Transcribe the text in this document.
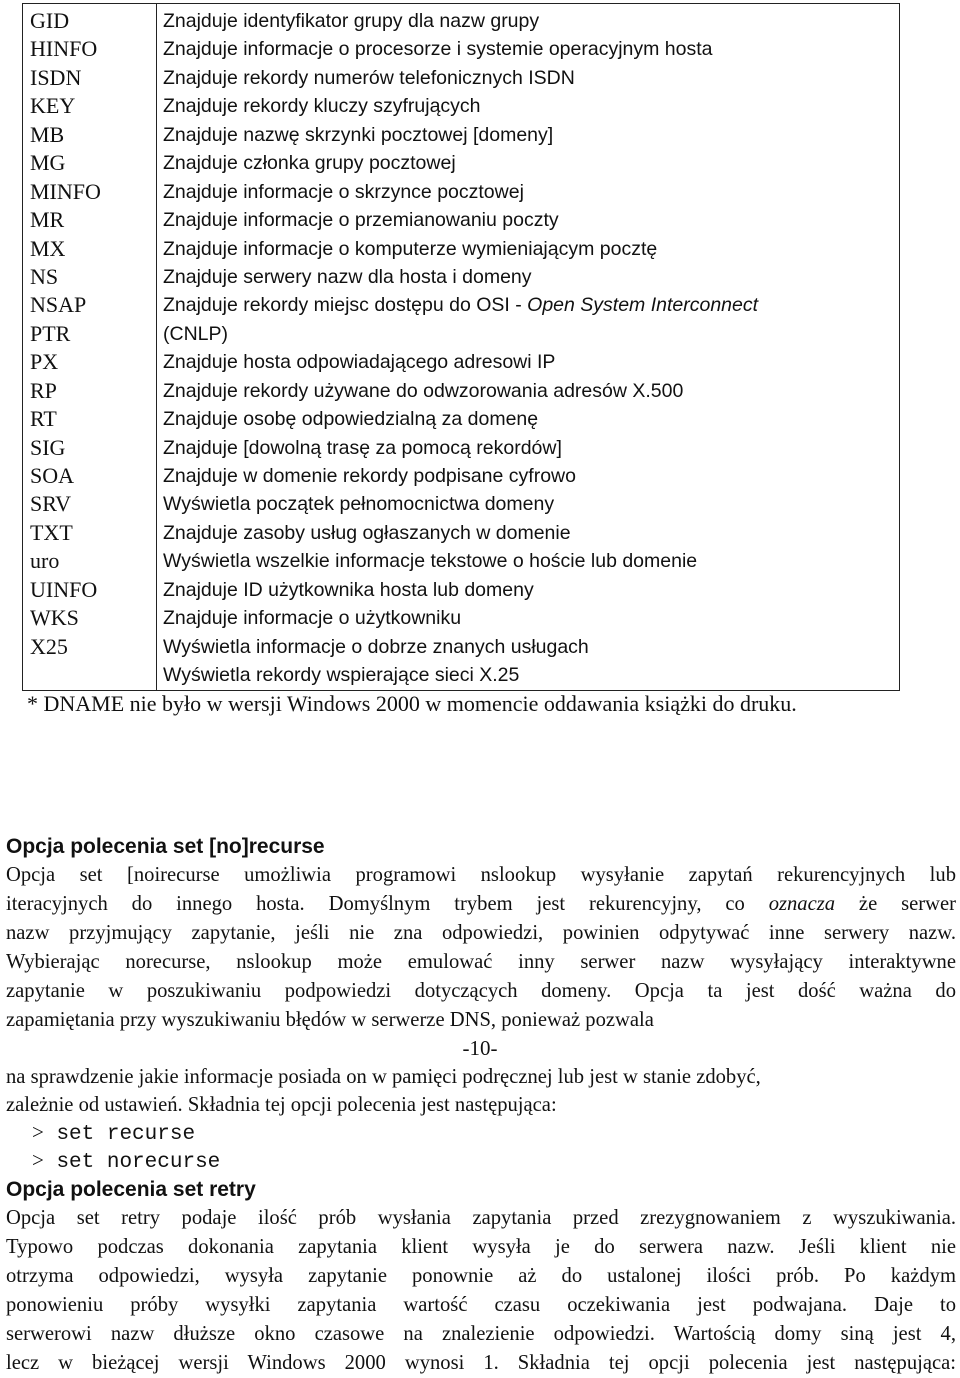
GID
HINFO
ISDN
KEY
MB
MG
MINFO
MR
MX
NS
NSAP
PTR
PX
RP
RT
SIG
SOA
SRV
TXT
uro
UINFO
WKS
X25
Znajduje identyfikator grupy dla nazw grupy
Znajduje informacje o procesorze i systemie operacyjnym hosta
Znajduje rekordy numerów telefonicznych ISDN
Znajduje rekordy kluczy szyfrujących
Znajduje nazwę skrzynki pocztowej [domeny]
Znajduje członka grupy pocztowej
Znajduje informacje o skrzynce pocztowej
Znajduje informacje o przemianowaniu poczty
Znajduje informacje o komputerze wymieniającym pocztę
Znajduje serwery nazw dla hosta i domeny
Znajduje rekordy miejsc dostępu do OSI - Open System Interconnect
(CNLP)
Znajduje hosta odpowiadającego adresowi IP
Znajduje rekordy używane do odwzorowania adresów X.500
Znajduje osobę odpowiedzialną za domenę
Znajduje [dowolną trasę za pomocą rekordów]
Znajduje w domenie rekordy podpisane cyfrowo
Wyświetla początek pełnomocnictwa domeny
Znajduje zasoby usług ogłaszanych w domenie
Wyświetla wszelkie informacje tekstowe o hoście lub domenie
Znajduje ID użytkownika hosta lub domeny
Znajduje informacje o użytkowniku
Wyświetla informacje o dobrze znanych usługach
Wyświetla rekordy wspierające sieci X.25
* DNAME nie było w wersji Windows 2000 w momencie oddawania książki do druku.
Opcja polecenia set [no]recurse
Opcja set [noirecurse umożliwia programowi nslookup wysyłanie zapytań rekurencyjnych lub
iteracyjnych do innego hosta. Domyślnym trybem jest rekurencyjny, co oznacza że serwer
nazw przyjmujący zapytanie, jeśli nie zna odpowiedzi, powinien odpytywać inne serwery nazw.
Wybierając norecurse, nslookup może emulować inny serwer nazw wysyłający interaktywne
zapytanie w poszukiwaniu podpowiedzi dotyczących domeny. Opcja ta jest dość ważna do
zapamiętania przy wyszukiwaniu błędów w serwerze DNS, ponieważ pozwala
-10-
na sprawdzenie jakie informacje posiada on w pamięci podręcznej lub jest w stanie zdobyć,
zależnie od ustawień. Składnia tej opcji polecenia jest następująca:
> set recurse
> set norecurse
Opcja polecenia set retry
Opcja set retry podaje ilość prób wysłania zapytania przed zrezygnowaniem z wyszukiwania.
Typowo podczas dokonania zapytania klient wysyła je do serwera nazw. Jeśli klient nie
otrzyma odpowiedzi, wysyła zapytanie ponownie aż do ustalonej ilości prób. Po każdym
ponowieniu próby wysyłki zapytania wartość czasu oczekiwania jest podwajana. Daje to
serwerowi nazw dłuższe okno czasowe na znalezienie odpowiedzi. Wartością domy siną jest 4,
lecz w bieżącej wersji Windows 2000 wynosi 1. Składnia tej opcji polecenia jest następująca:
